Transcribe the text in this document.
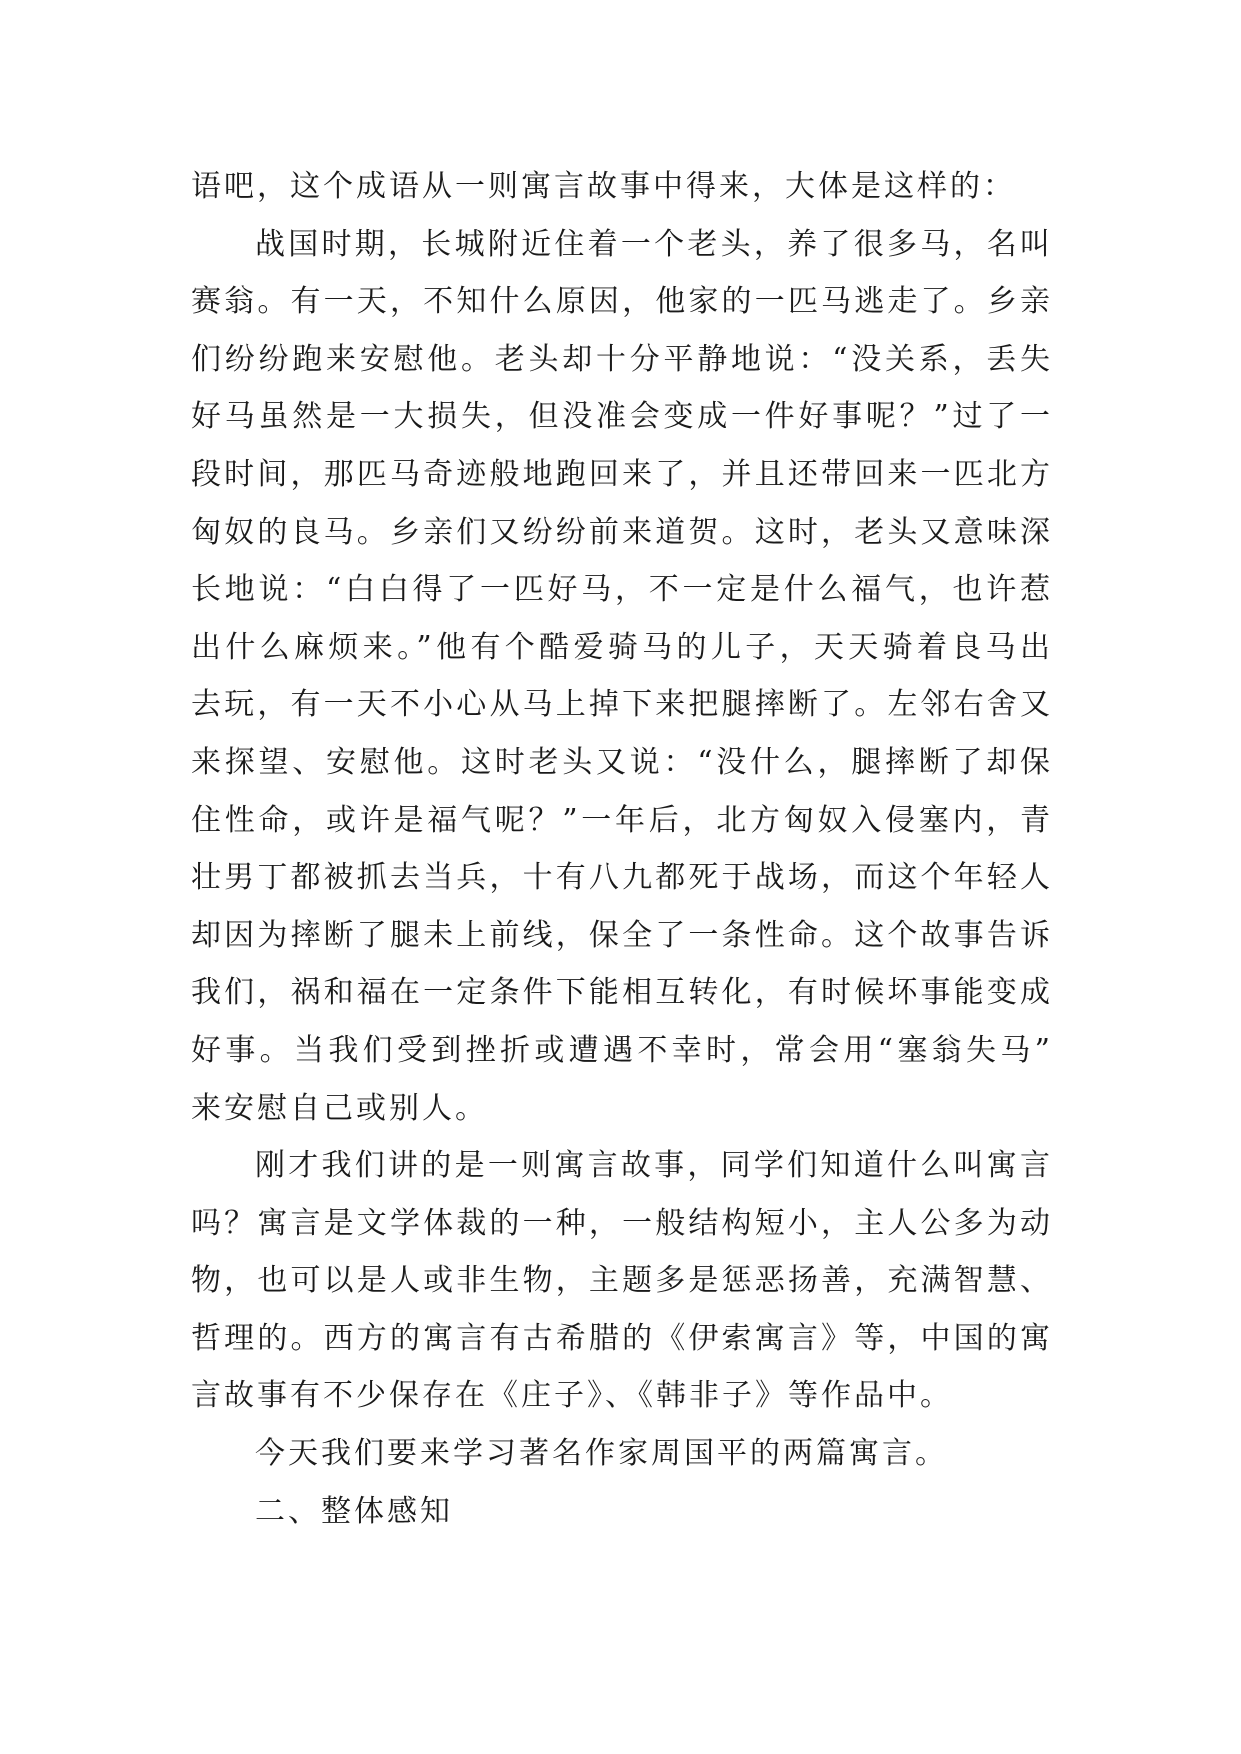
语吧，这个成语从一则寓言故事中得来，大体是这样的：
战国时期，长城附近住着一个老头，养了很多马，名叫
赛翁。有一天，不知什么原因，他家的一匹马逃走了。乡亲
们纷纷跑来安慰他。老头却十分平静地说：“没关系，丢失
好马虽然是一大损失，但没准会变成一件好事呢？”过了一
段时间，那匹马奇迹般地跑回来了，并且还带回来一匹北方
匈奴的良马。乡亲们又纷纷前来道贺。这时，老头又意味深
长地说：“白白得了一匹好马，不一定是什么福气，也许惹
出什么麻烦来。”他有个酷爱骑马的儿子，天天骑着良马出
去玩，有一天不小心从马上掉下来把腿摔断了。左邻右舍又
来探望、安慰他。这时老头又说：“没什么，腿摔断了却保
住性命，或许是福气呢？”一年后，北方匈奴入侵塞内，青
壮男丁都被抓去当兵，十有八九都死于战场，而这个年轻人
却因为摔断了腿未上前线，保全了一条性命。这个故事告诉
我们，祸和福在一定条件下能相互转化，有时候坏事能变成
好事。当我们受到挫折或遭遇不幸时，常会用“塞翁失马”
来安慰自己或别人。
刚才我们讲的是一则寓言故事，同学们知道什么叫寓言
吗？寓言是文学体裁的一种，一般结构短小，主人公多为动
物，也可以是人或非生物，主题多是惩恶扬善，充满智慧、
哲理的。西方的寓言有古希腊的《伊索寓言》等，中国的寓
言故事有不少保存在《庄子》、《韩非子》等作品中。
今天我们要来学习著名作家周国平的两篇寓言。
二、整体感知
